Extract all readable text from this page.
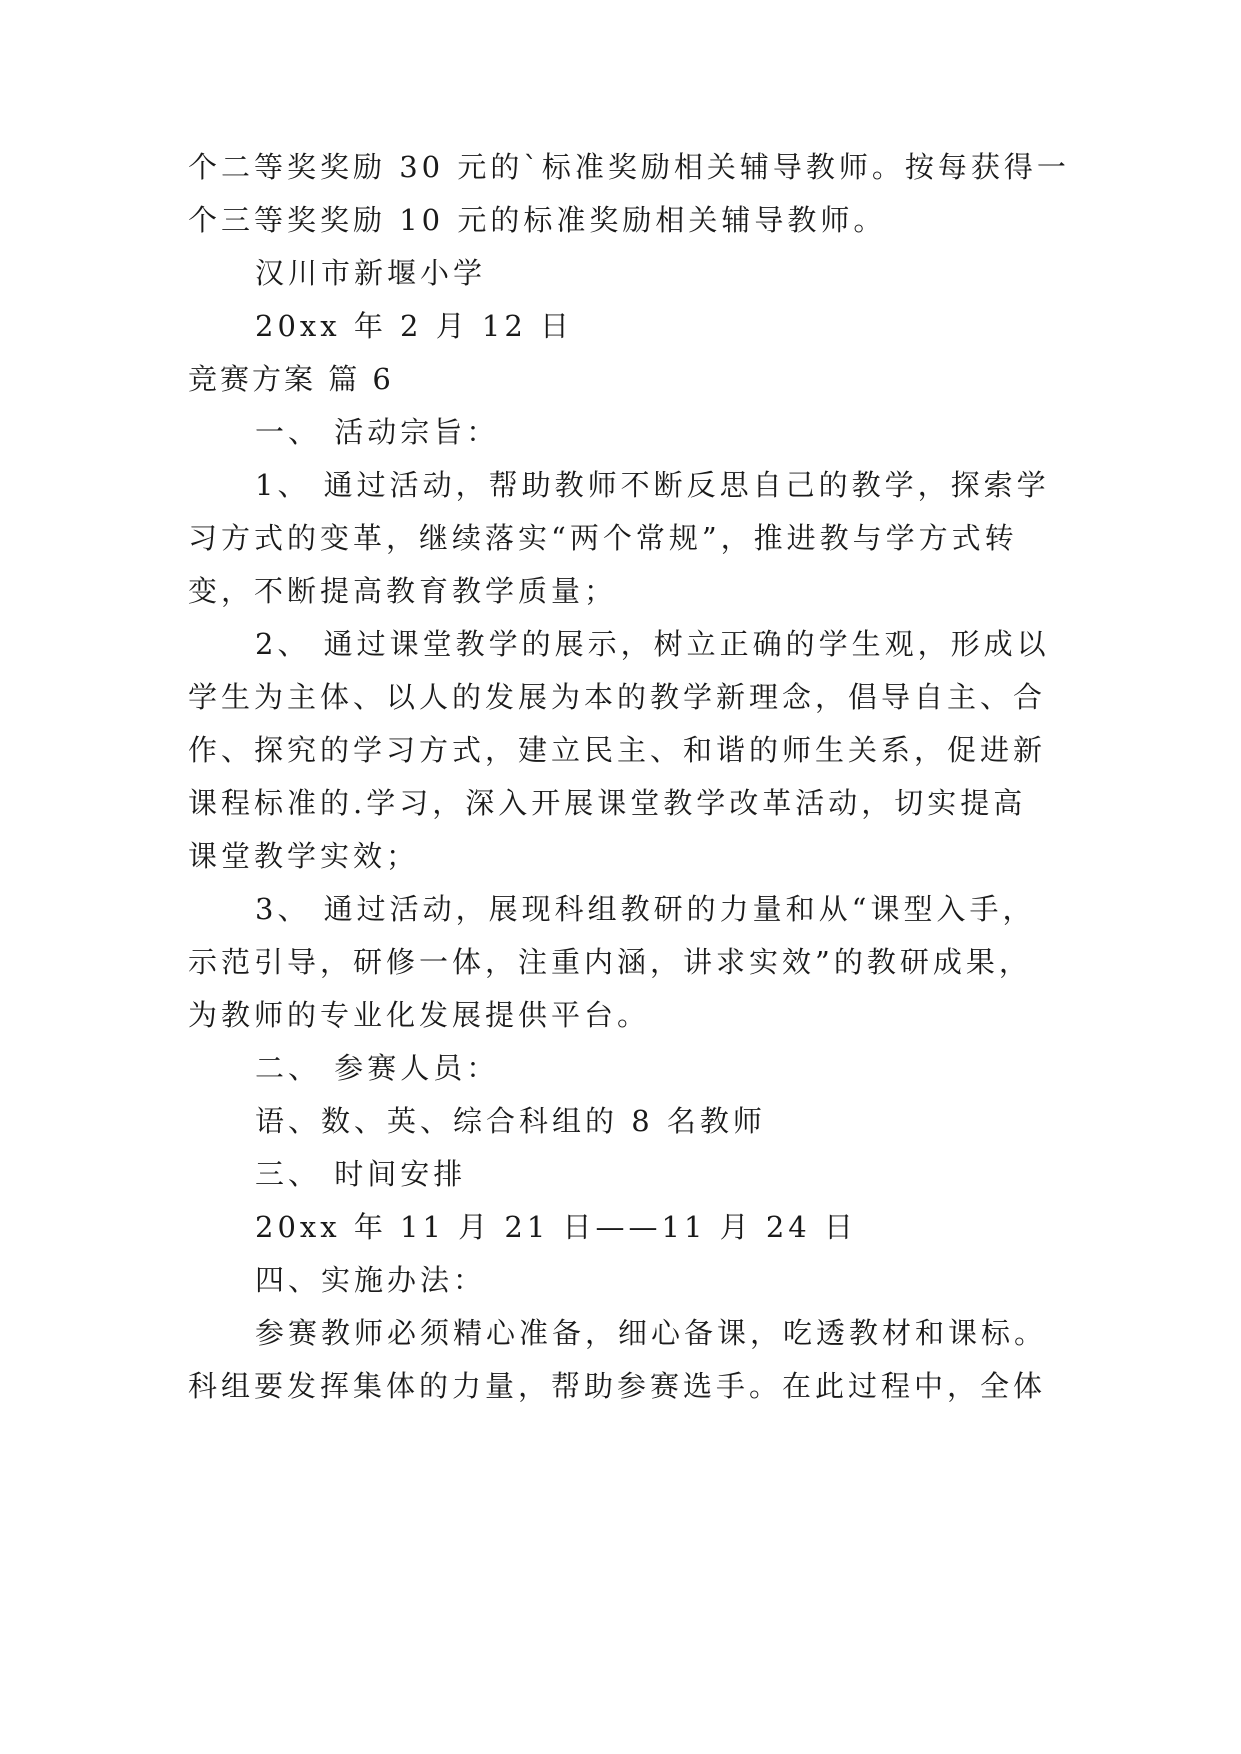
个二等奖奖励 30 元的`标准奖励相关辅导教师。按每获得一
个三等奖奖励 10 元的标准奖励相关辅导教师。
汉川市新堰小学
20xx 年 2 月 12 日
竞赛方案 篇 6
一、 活动宗旨：
1、 通过活动，帮助教师不断反思自己的教学，探索学
习方式的变革，继续落实“两个常规”，推进教与学方式转
变，不断提高教育教学质量；
2、 通过课堂教学的展示，树立正确的学生观，形成以
学生为主体、以人的发展为本的教学新理念，倡导自主、合
作、探究的学习方式，建立民主、和谐的师生关系，促进新
课程标准的.学习，深入开展课堂教学改革活动，切实提高
课堂教学实效；
3、 通过活动，展现科组教研的力量和从“课型入手，
示范引导，研修一体，注重内涵，讲求实效”的教研成果，
为教师的专业化发展提供平台。
二、 参赛人员：
语、数、英、综合科组的 8 名教师
三、 时间安排
20xx 年 11 月 21 日——11 月 24 日
四、实施办法：
参赛教师必须精心准备，细心备课，吃透教材和课标。
科组要发挥集体的力量，帮助参赛选手。在此过程中，全体
